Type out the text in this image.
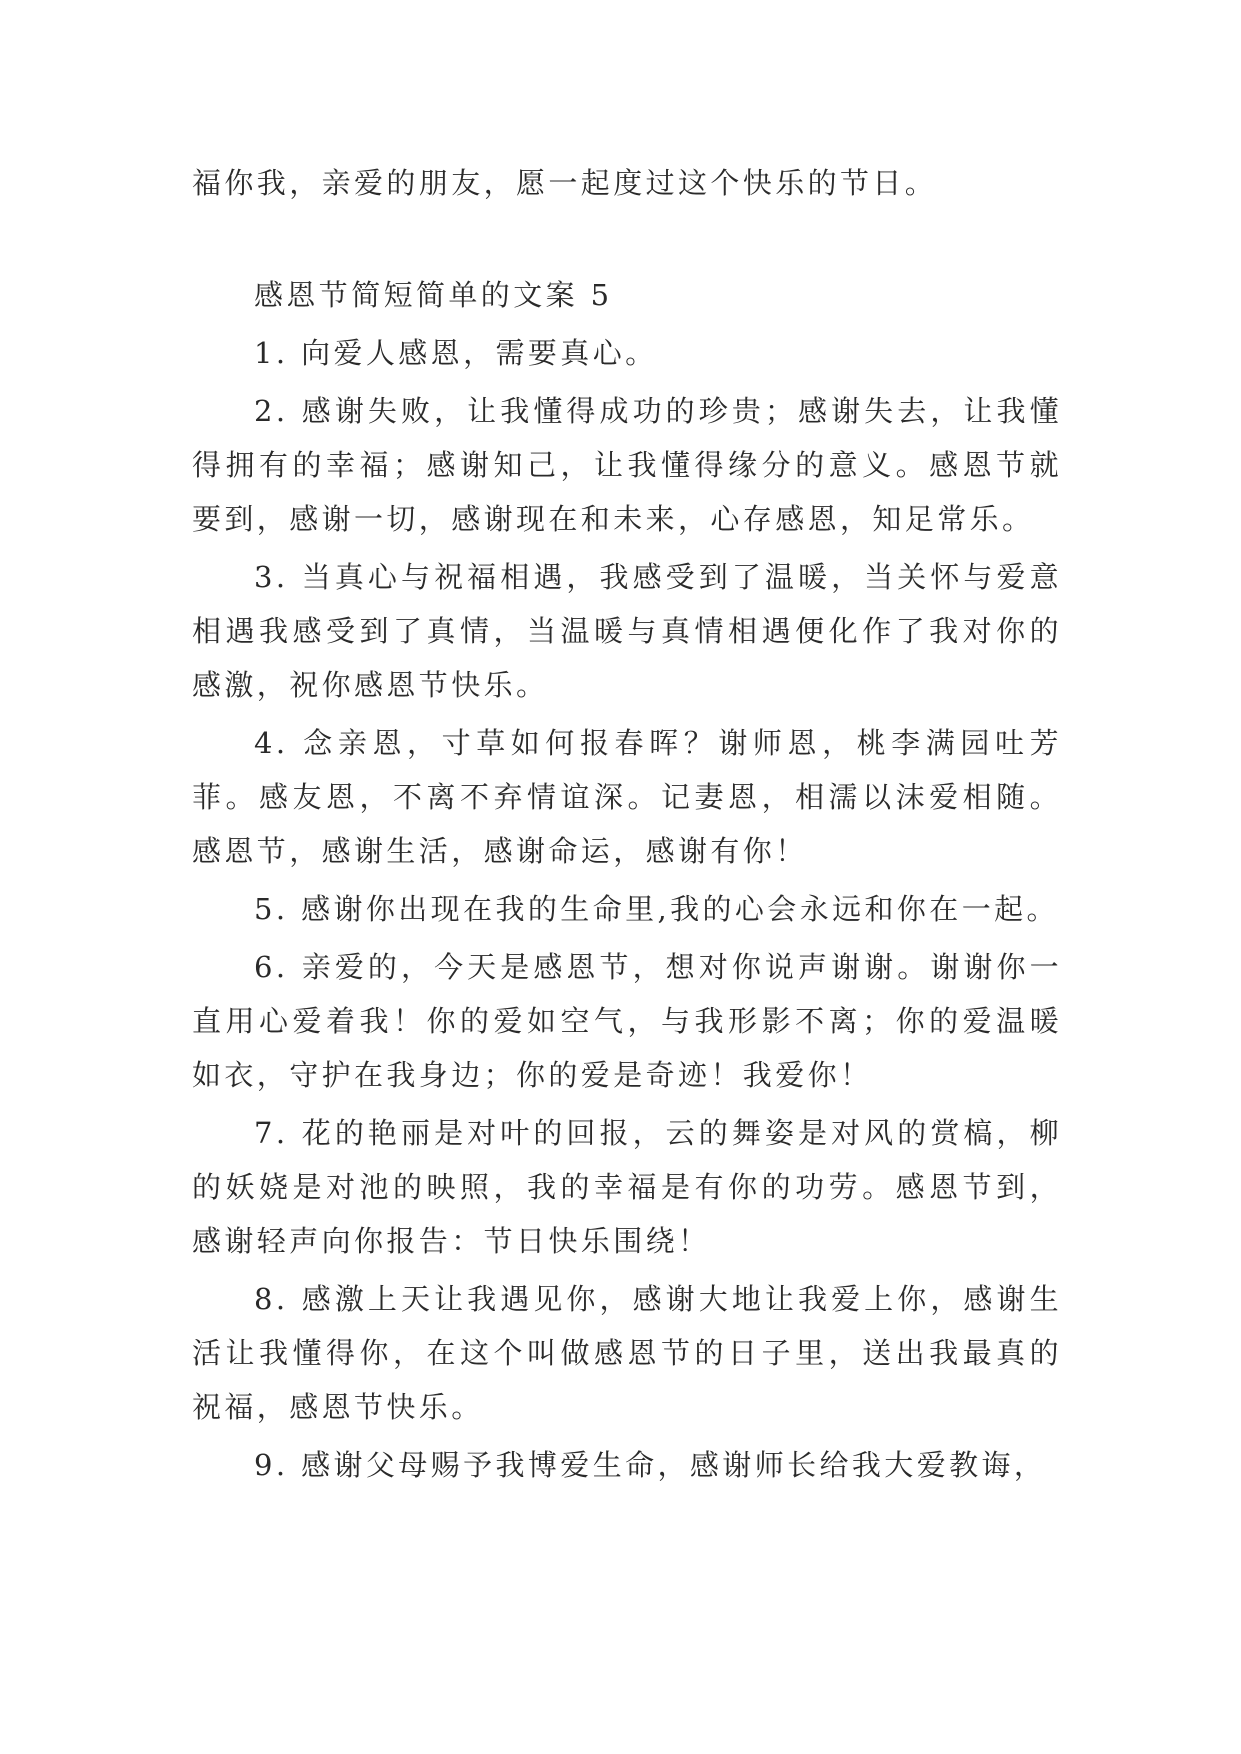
福你我，亲爱的朋友，愿一起度过这个快乐的节日。

感恩节简短简单的文案 5

1. 向爱人感恩，需要真心。

2. 感谢失败，让我懂得成功的珍贵；感谢失去，让我懂得拥有的幸福；感谢知己，让我懂得缘分的意义。感恩节就要到，感谢一切，感谢现在和未来，心存感恩，知足常乐。

3. 当真心与祝福相遇，我感受到了温暖，当关怀与爱意相遇我感受到了真情，当温暖与真情相遇便化作了我对你的感激，祝你感恩节快乐。

4. 念亲恩，寸草如何报春晖？谢师恩，桃李满园吐芳菲。感友恩，不离不弃情谊深。记妻恩，相濡以沫爱相随。感恩节，感谢生活，感谢命运，感谢有你！

5. 感谢你出现在我的生命里,我的心会永远和你在一起。

6. 亲爱的，今天是感恩节，想对你说声谢谢。谢谢你一直用心爱着我！你的爱如空气，与我形影不离；你的爱温暖如衣，守护在我身边；你的爱是奇迹！我爱你！

7. 花的艳丽是对叶的回报，云的舞姿是对风的赏槁，柳的妖娆是对池的映照，我的幸福是有你的功劳。感恩节到，感谢轻声向你报告：节日快乐围绕！

8. 感激上天让我遇见你，感谢大地让我爱上你，感谢生活让我懂得你，在这个叫做感恩节的日子里，送出我最真的祝福，感恩节快乐。

9. 感谢父母赐予我博爱生命，感谢师长给我大爱教诲，
